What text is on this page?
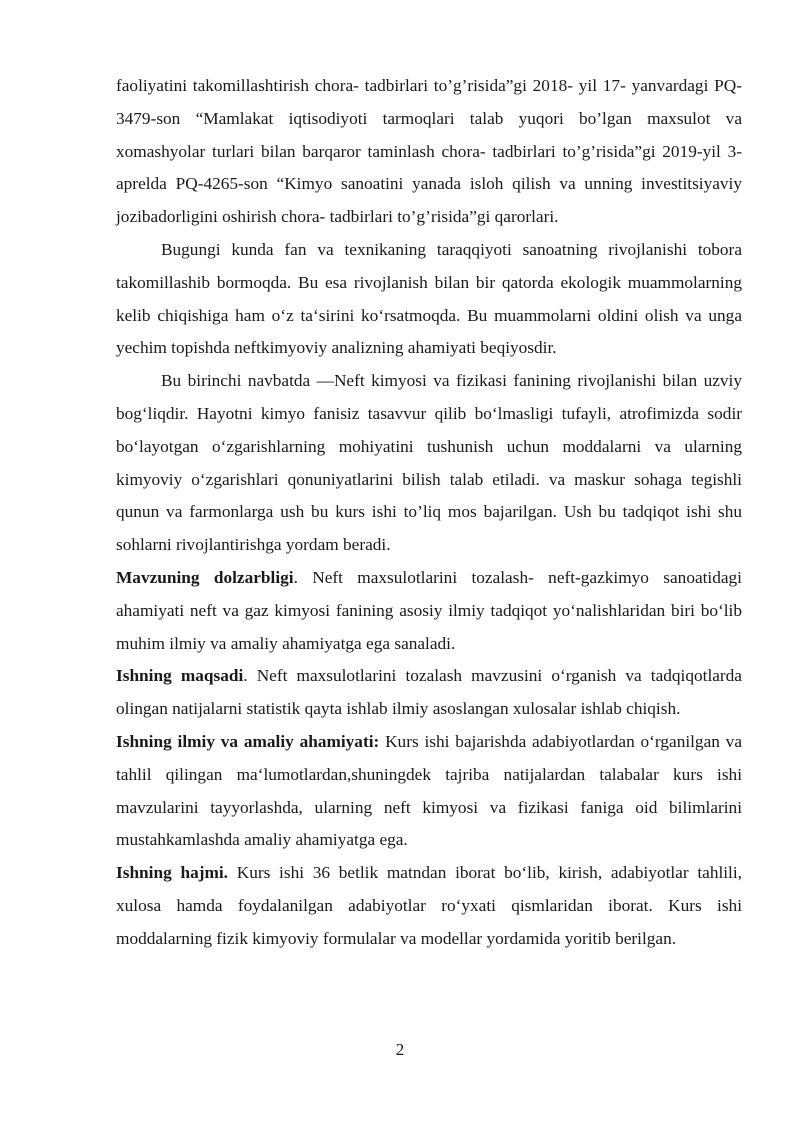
faoliyatini takomillashtirish chora- tadbirlari to’g’risida”gi 2018- yil 17- yanvardagi PQ-3479-son “Mamlakat iqtisodiyoti tarmoqlari talab yuqori bo’lgan maxsulot va xomashyolar turlari bilan barqaror taminlash chora- tadbirlari to’g’risida”gi 2019-yil 3-aprelda PQ-4265-son “Kimyo sanoatini yanada isloh qilish va unning investitsiyaviy jozibadorligini oshirish chora- tadbirlari to’g’risida”gi qarorlari.

Bugungi kunda fan va texnikaning taraqqiyoti sanoatning rivojlanishi tobora takomillashib bormoqda. Bu esa rivojlanish bilan bir qatorda ekologik muammolarning kelib chiqishiga ham o‘z ta‘sirini ko‘rsatmoqda. Bu muammolarni oldini olish va unga yechim topishda neftkimyoviy analizning ahamiyati beqiyosdir.

Bu birinchi navbatda —Neft kimyosi va fizikasi fanining rivojlanishi bilan uzviy bog‘liqdir. Hayotni kimyo fanisiz tasavvur qilib bo‘lmasligi tufayli, atrofimizda sodir bo‘layotgan o‘zgarishlarning mohiyatini tushunish uchun moddalarni va ularning kimyoviy o‘zgarishlari qonuniyatlarini bilish talab etiladi. va maskur sohaga tegishli qunun va farmonlarga ush bu kurs ishi to’liq mos bajarilgan. Ush bu tadqiqot ishi shu sohlarni rivojlantirishga yordam beradi.

Mavzuning dolzarbligi. Neft maxsulotlarini tozalash- neft-gazkimyo sanoatidagi ahamiyati neft va gaz kimyosi fanining asosiy ilmiy tadqiqot yo‘nalishlaridan biri bo‘lib muhim ilmiy va amaliy ahamiyatga ega sanaladi.

Ishning maqsadi. Neft maxsulotlarini tozalash mavzusini o‘rganish va tadqiqotlarda olingan natijalarni statistik qayta ishlab ilmiy asoslangan xulosalar ishlab chiqish.

Ishning ilmiy va amaliy ahamiyati: Kurs ishi bajarishda adabiyotlardan o‘rganilgan va tahlil qilingan ma‘lumotlardan,shuningdek tajriba natijalardan talabalar kurs ishi mavzularini tayyorlashda, ularning neft kimyosi va fizikasi faniga oid bilimlarini mustahkamlashda amaliy ahamiyatga ega.

Ishning hajmi. Kurs ishi 36 betlik matndan iborat bo‘lib, kirish, adabiyotlar tahlili, xulosa hamda foydalanilgan adabiyotlar ro‘yxati qismlaridan iborat. Kurs ishi moddalarning fizik kimyoviy formulalar va modellar yordamida yoritib berilgan.

2
